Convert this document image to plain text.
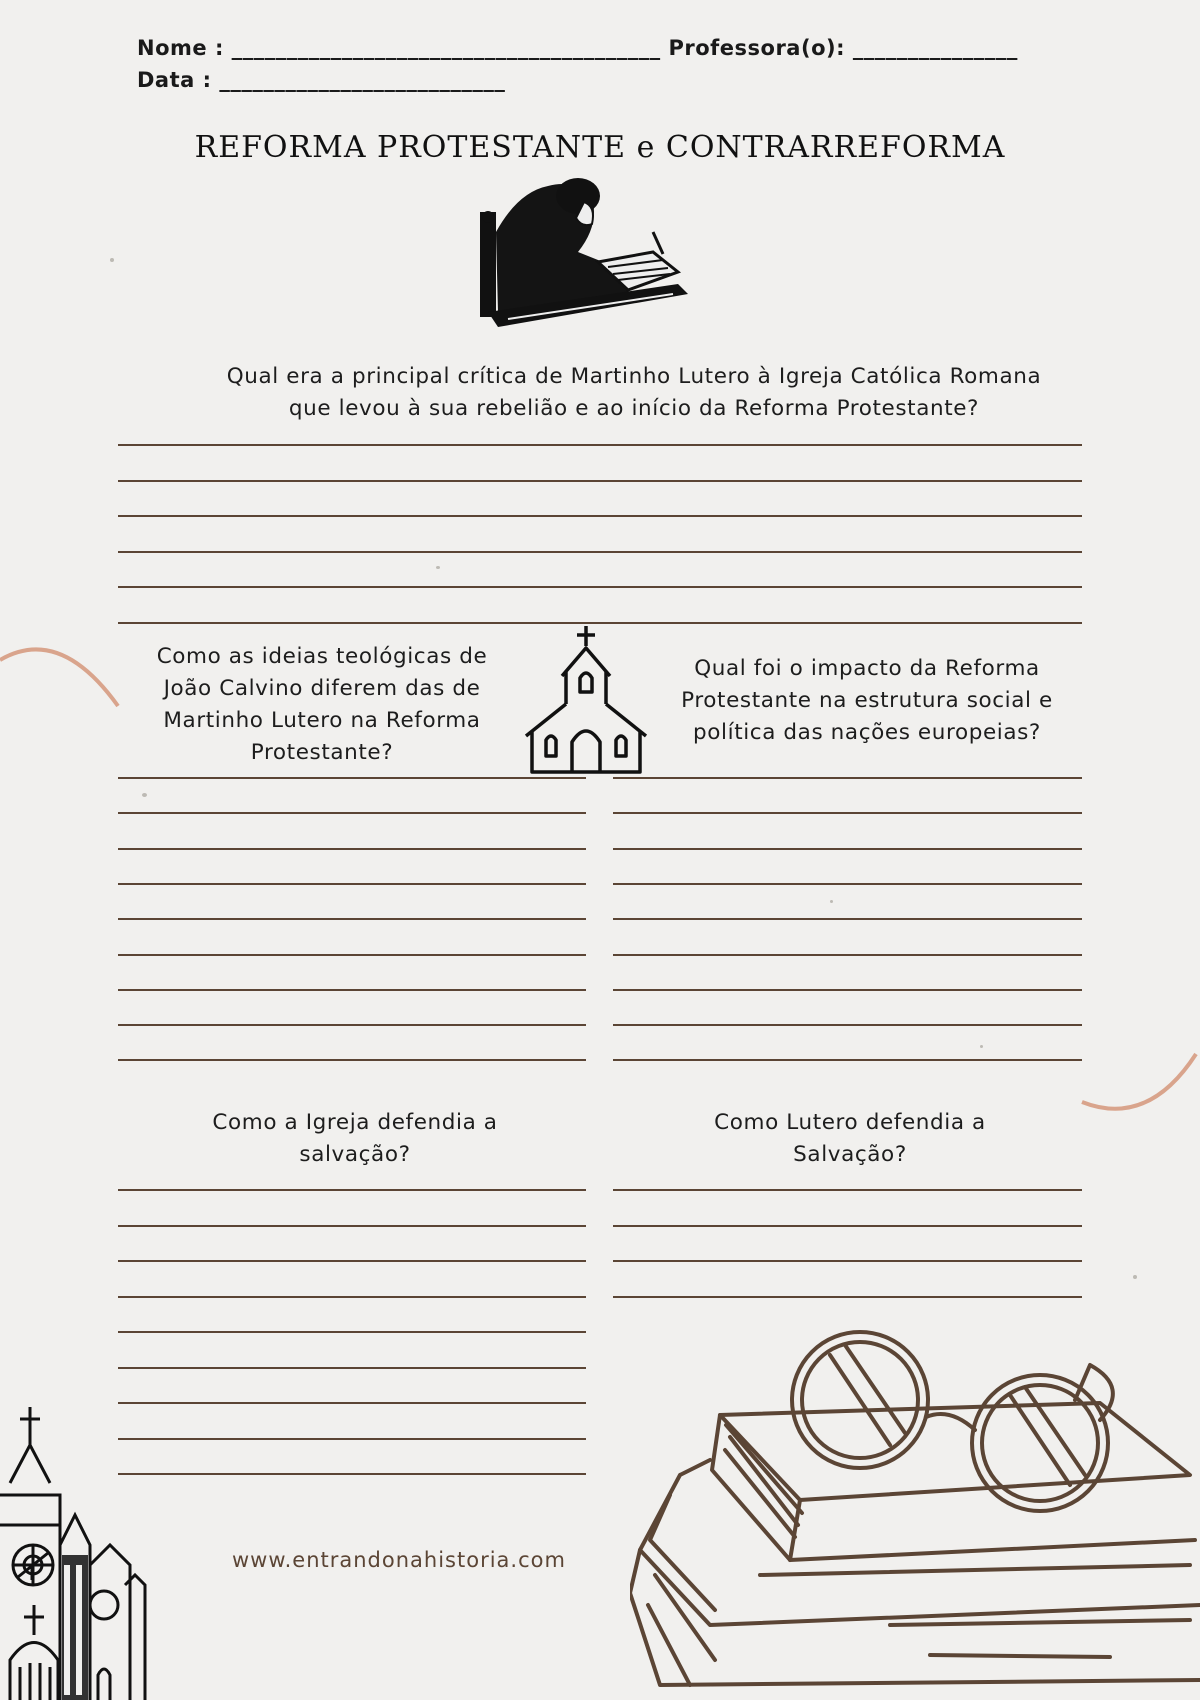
Nome : _______________________________________ Professora(o): _______________
Data : __________________________
REFORMA PROTESTANTE e CONTRARREFORMA
Qual era a principal crítica de Martinho Lutero à Igreja Católica Romana que levou à sua rebelião e ao início da Reforma Protestante?
Como as ideias teológicas de João Calvino diferem das de Martinho Lutero na Reforma Protestante?
Qual foi o impacto da Reforma Protestante na estrutura social e política das nações europeias?
Como a Igreja defendia a salvação?
Como Lutero defendia a Salvação?
www.entrandonahistoria.com
